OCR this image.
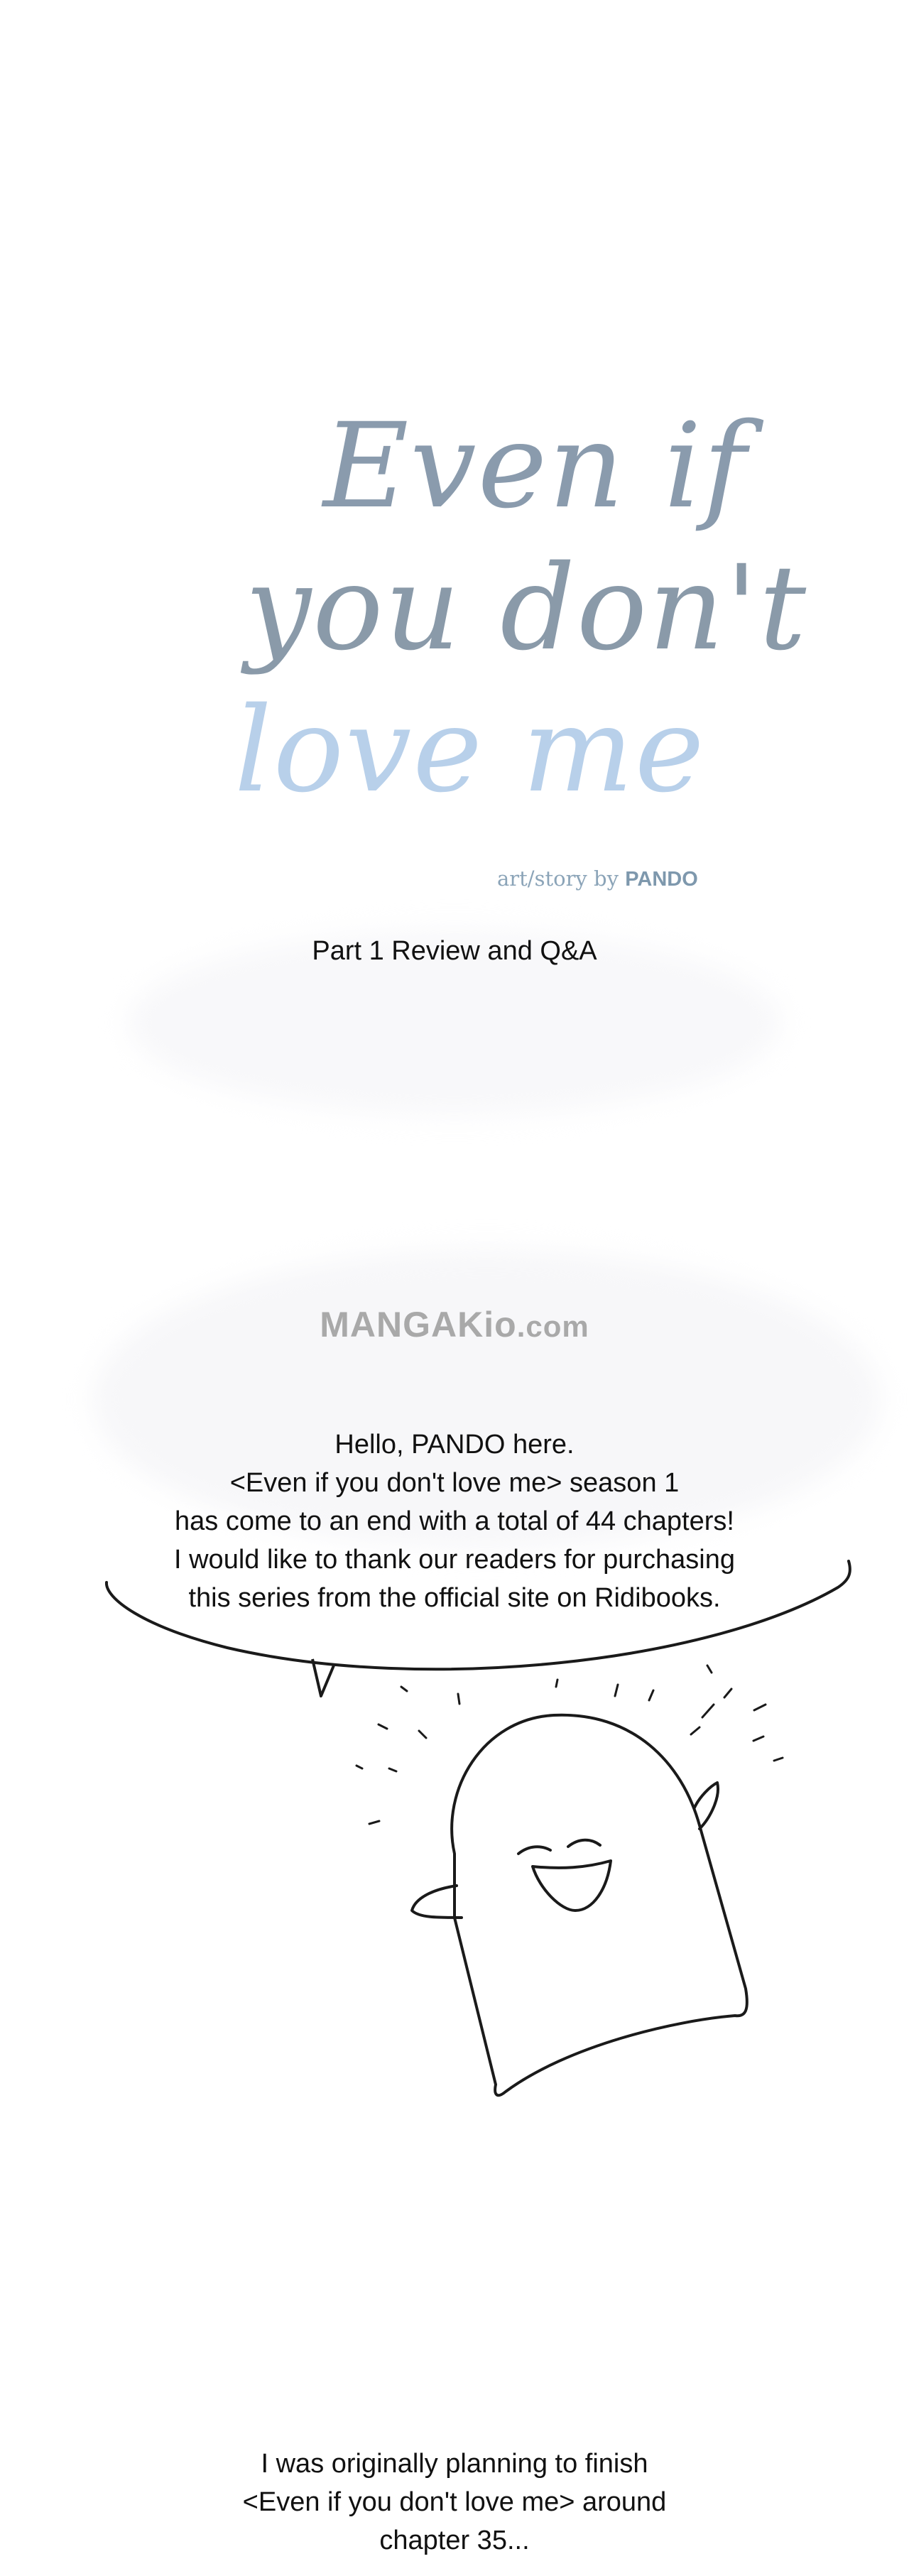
Even if
you don't
love me
art/story by PANDO
Part 1 Review and Q&A
MANGAKio.com
Hello, PANDO here.
<Even if you don't love me> season 1
has come to an end with a total of 44 chapters!
I would like to thank our readers for purchasing
this series from the official site on Ridibooks.
I was originally planning to finish
<Even if you don't love me> around
chapter 35...
